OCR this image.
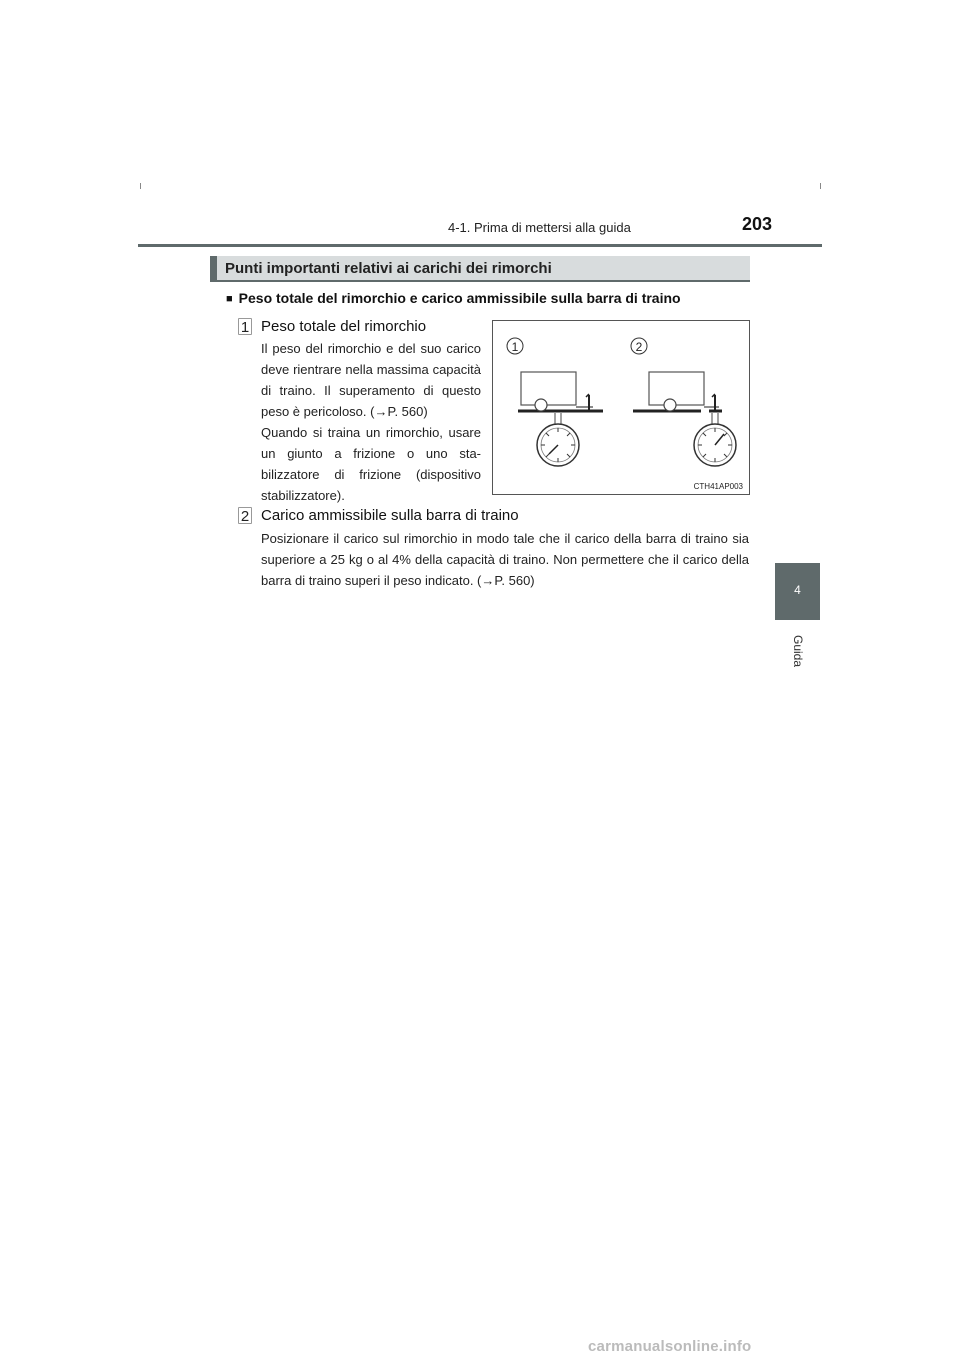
4-1. Prima di mettersi alla guida	203
Punti importanti relativi ai carichi dei rimorchi
■ Peso totale del rimorchio e carico ammissibile sulla barra di traino
1 Peso totale del rimorchio
Il peso del rimorchio e del suo carico deve rientrare nella massima capacità di traino. Il superamento di questo peso è pericoloso. (→P. 560)
Quando si traina un rimorchio, usare un giunto a frizione o uno sta-bilizzatore di frizione (dispositivo stabilizzatore).
1	2
CTH41AP003
2 Carico ammissibile sulla barra di traino
Posizionare il carico sul rimorchio in modo tale che il carico della barra di traino sia superiore a 25 kg o al 4% della capacità di traino. Non permettere che il carico della barra di traino superi il peso indicato. (→P. 560)
4
Guida
carmanualsonline.info
